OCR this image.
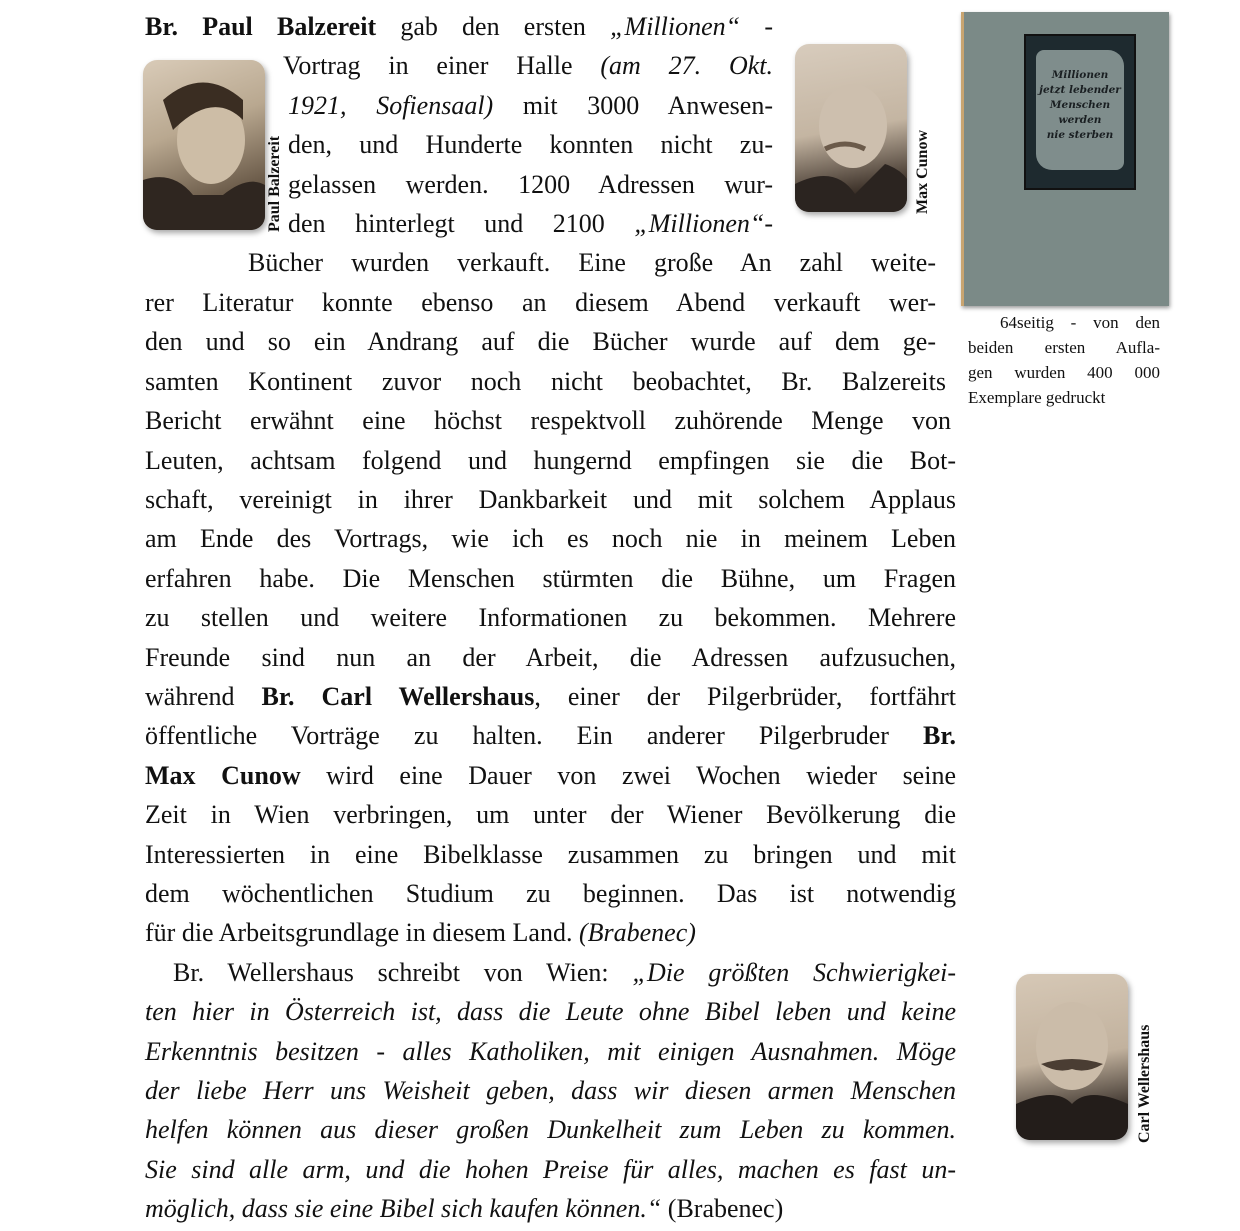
Paul Balzereit	Max Cunow
Millionen
jetzt lebender
Menschen
werden
nie sterben
64seitig - von den
beiden ersten Aufla-
gen wurden 400 000
Exemplare gedruckt
Br. Paul Balzereit gab den ersten „Millionen“ -
Vortrag in einer Halle (am 27. Okt.
1921, Sofiensaal) mit 3000 Anwesen-
den, und Hunderte konnten nicht zu-
gelassen werden. 1200 Adressen wur-
den hinterlegt und 2100 „Millionen“-
Bücher wurden verkauft. Eine große An zahl weite-
rer Literatur konnte ebenso an diesem Abend verkauft wer-
den und so ein Andrang auf die Bücher wurde auf dem ge-
samten Kontinent zuvor noch nicht beobachtet, Br. Balzereits
Bericht erwähnt eine höchst respektvoll zuhörende Menge von
Leuten, achtsam folgend und hungernd empfingen sie die Bot-
schaft, vereinigt in ihrer Dankbarkeit und mit solchem Applaus
am Ende des Vortrags, wie ich es noch nie in meinem Leben
erfahren habe. Die Menschen stürmten die Bühne, um Fragen
zu stellen und weitere Informationen zu bekommen. Mehrere
Freunde sind nun an der Arbeit, die Adressen aufzusuchen,
während Br. Carl Wellershaus, einer der Pilgerbrüder, fortfährt
öffentliche Vorträge zu halten. Ein anderer Pilgerbruder Br.
Max Cunow wird eine Dauer von zwei Wochen wieder seine
Zeit in Wien verbringen, um unter der Wiener Bevölkerung die
Interessierten in eine Bibelklasse zusammen zu bringen und mit
dem wöchentlichen Studium zu beginnen. Das ist notwendig
für die Arbeitsgrundlage in diesem Land. (Brabenec)
Br. Wellershaus schreibt von Wien: „Die größten Schwierigkei-
ten hier in Österreich ist, dass die Leute ohne Bibel leben und keine
Erkenntnis besitzen - alles Katholiken, mit einigen Ausnahmen. Möge
der liebe Herr uns Weisheit geben, dass wir diesen armen Menschen
helfen können aus dieser großen Dunkelheit zum Leben zu kommen.
Sie sind alle arm, und die hohen Preise für alles, machen es fast un-
möglich, dass sie eine Bibel sich kaufen können.“ (Brabenec)
Carl Wellershaus
